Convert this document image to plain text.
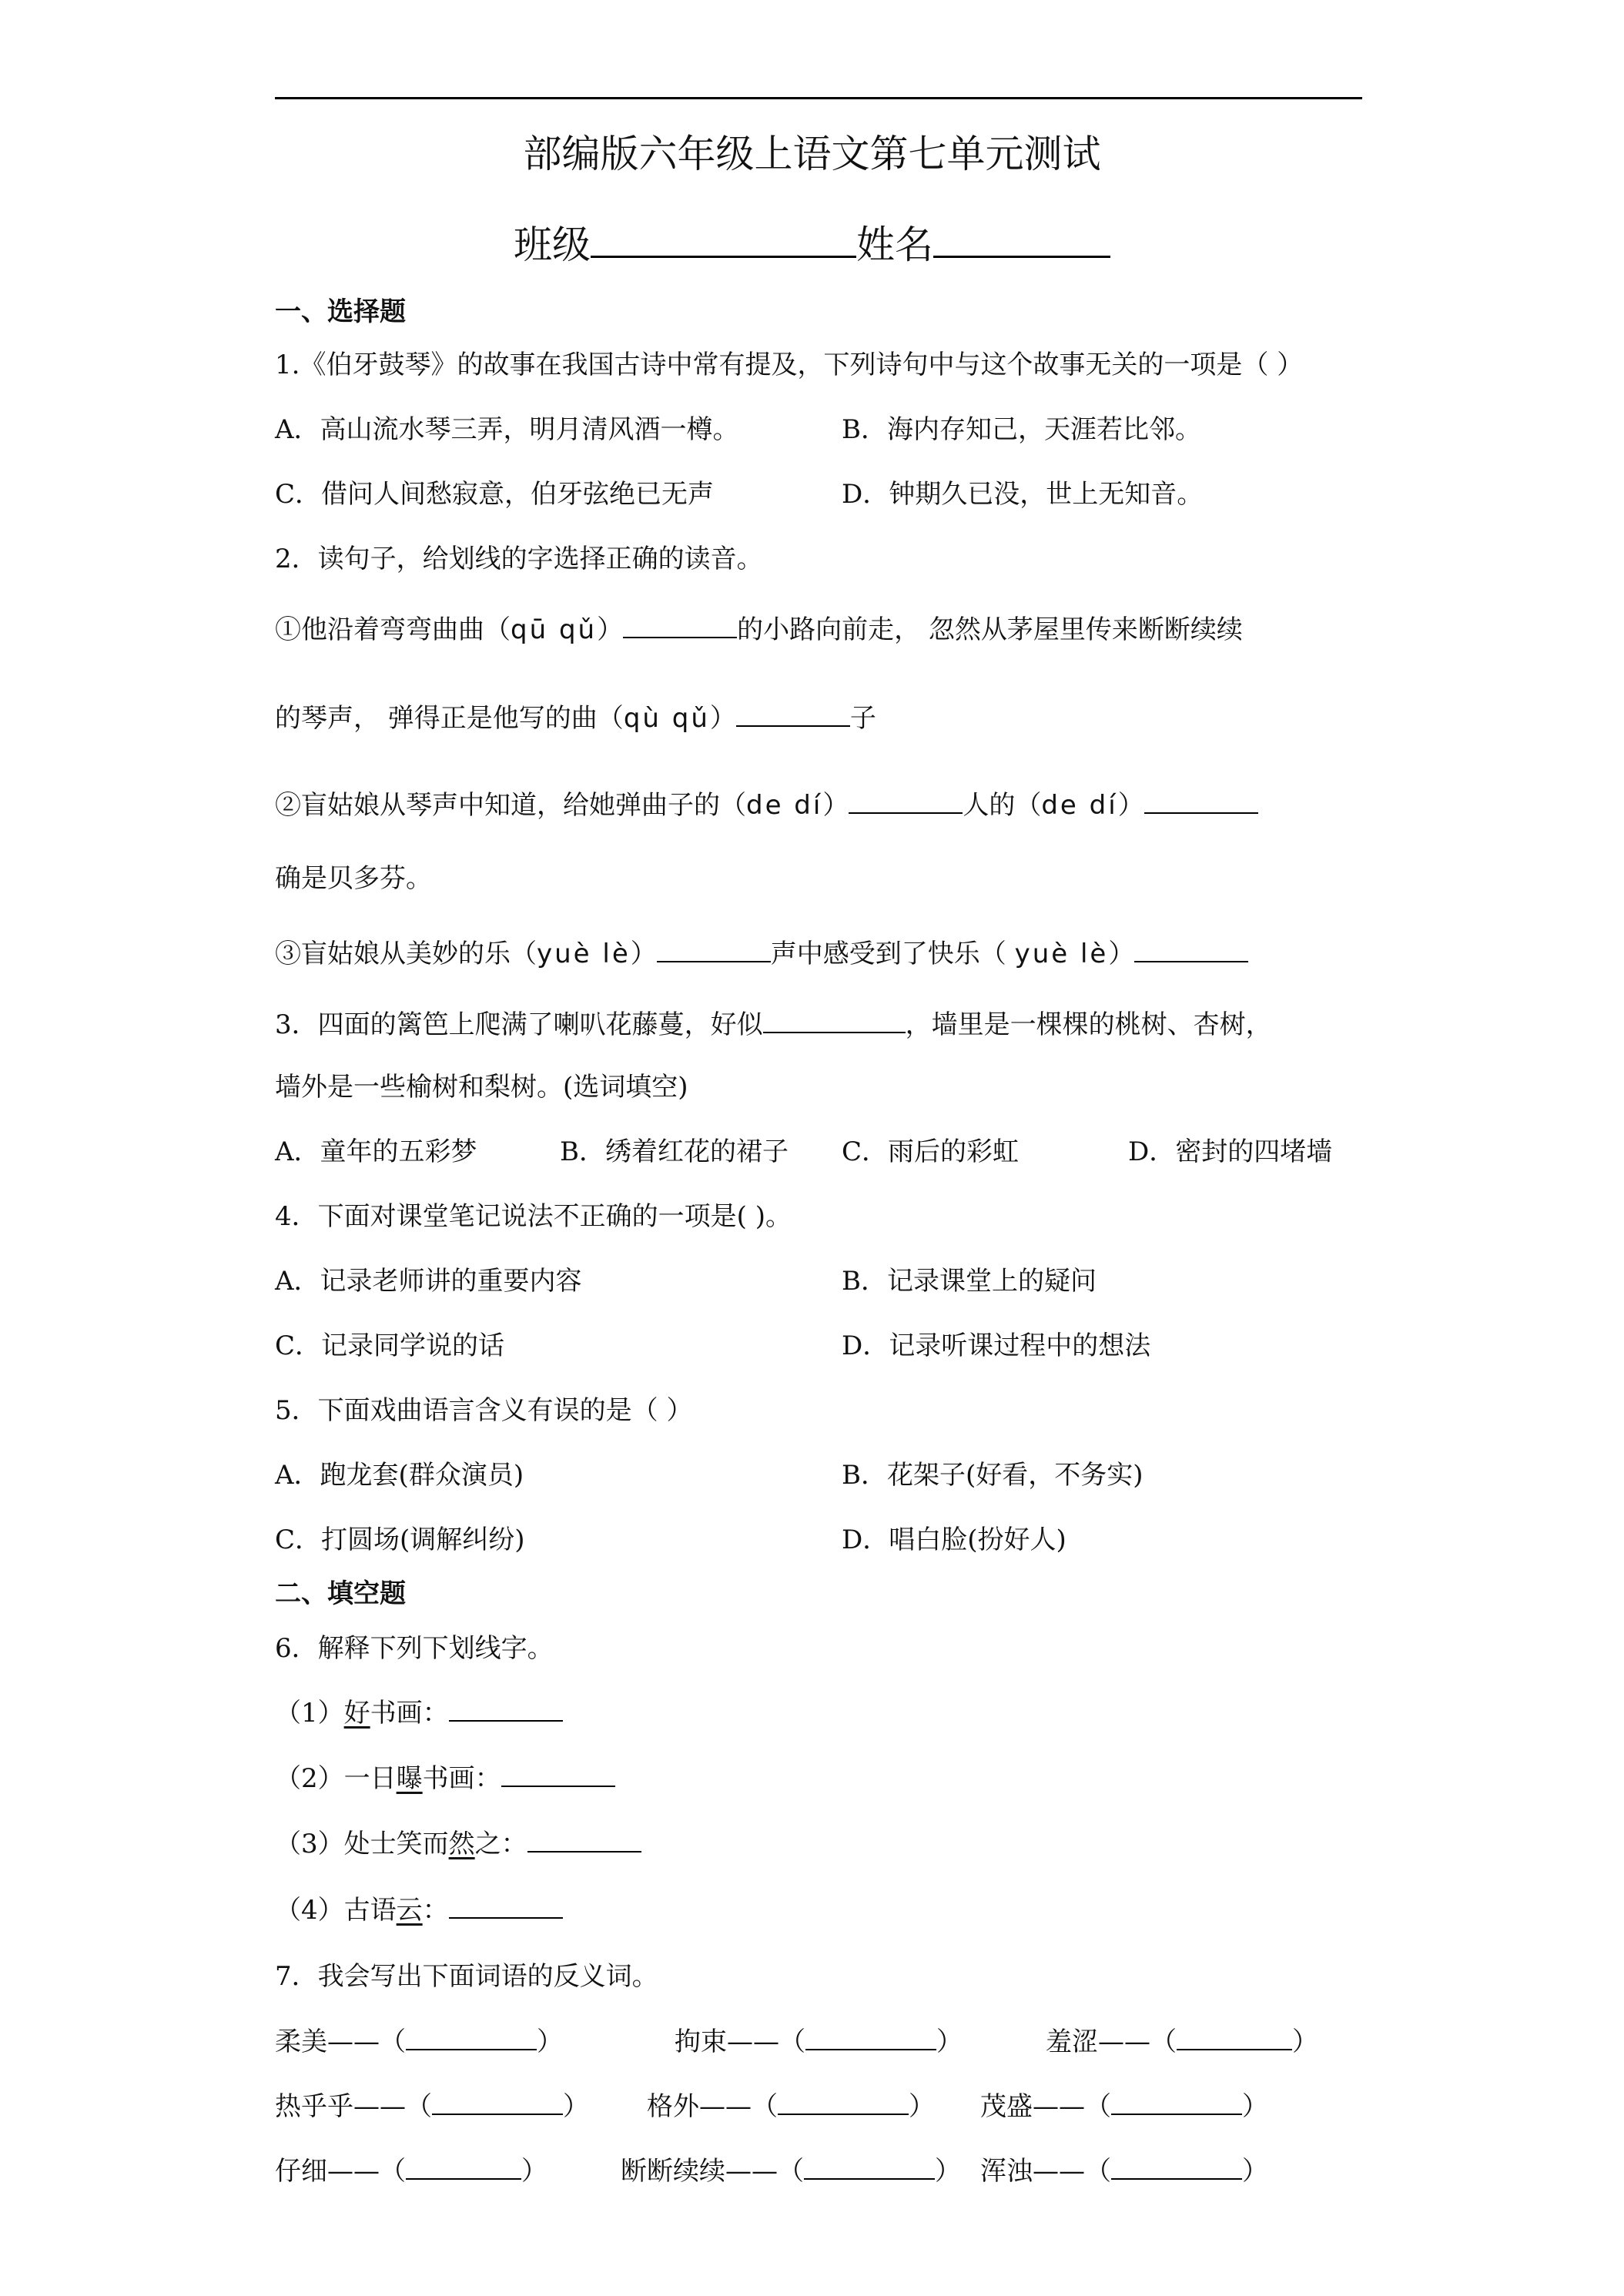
部编版六年级上语文第七单元测试
班级	姓名
一、选择题
1.《伯牙鼓琴》的故事在我国古诗中常有提及，下列诗句中与这个故事无关的一项是（ ）
A．高山流水琴三弄，明月清风酒一樽。	B．海内存知己，天涯若比邻。
C．借问人间愁寂意，伯牙弦绝已无声	D．钟期久已没，世上无知音。
2．读句子，给划线的字选择正确的读音。
①他沿着弯弯曲曲（qū qǔ）	的小路向前走， 忽然从茅屋里传来断断续续
的琴声， 弹得正是他写的曲（qù qǔ）	子
②盲姑娘从琴声中知道，给她弹曲子的（de dí）	人的（de dí）
确是贝多芬。
③盲姑娘从美妙的乐（yuè lè）	声中感受到了快乐（ yuè lè）
3．四面的篱笆上爬满了喇叭花藤蔓，好似	，墙里是一棵棵的桃树、杏树，
墙外是一些榆树和梨树。(选词填空)
A．童年的五彩梦	B．绣着红花的裙子 C．雨后的彩虹	D．密封的四堵墙
4．下面对课堂笔记说法不正确的一项是( )。
A．记录老师讲的重要内容	B．记录课堂上的疑问
C．记录同学说的话	D．记录听课过程中的想法
5．下面戏曲语言含义有误的是（ ）
A．跑龙套(群众演员)	B．花架子(好看，不务实)
C．打圆场(调解纠纷)	D．唱白脸(扮好人)
二、填空题
6．解释下列下划线字。
（1）好书画：
（2）一日曝书画：
（3）处士笑而然之：
（4）古语云：
7．我会写出下面词语的反义词。
柔美——（	）	拘束——（	）	羞涩——（	）
热乎乎——（	） 格外——（	） 茂盛——（	）
仔细——（	）	断断续续——（	） 浑浊——（	）
